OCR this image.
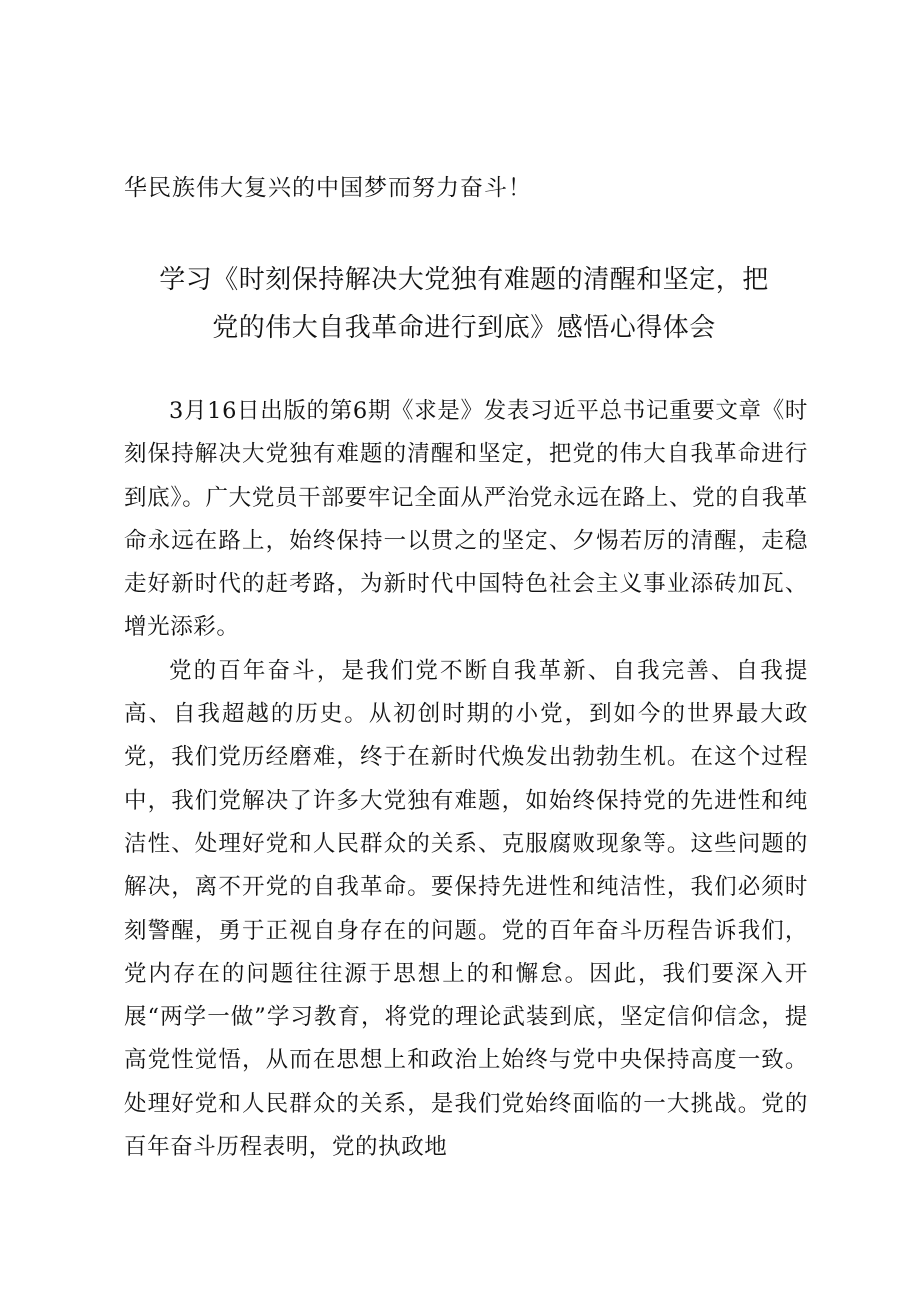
华民族伟大复兴的中国梦而努力奋斗！

学习《时刻保持解决大党独有难题的清醒和坚定，把
党的伟大自我革命进行到底》感悟心得体会

3月16日出版的第6期《求是》发表习近平总书记重要文章《时刻保持解决大党独有难题的清醒和坚定，把党的伟大自我革命进行到底》。广大党员干部要牢记全面从严治党永远在路上、党的自我革命永远在路上，始终保持一以贯之的坚定、夕惕若厉的清醒，走稳走好新时代的赶考路，为新时代中国特色社会主义事业添砖加瓦、增光添彩。

党的百年奋斗，是我们党不断自我革新、自我完善、自我提高、自我超越的历史。从初创时期的小党，到如今的世界最大政党，我们党历经磨难，终于在新时代焕发出勃勃生机。在这个过程中，我们党解决了许多大党独有难题，如始终保持党的先进性和纯洁性、处理好党和人民群众的关系、克服腐败现象等。这些问题的解决，离不开党的自我革命。要保持先进性和纯洁性，我们必须时刻警醒，勇于正视自身存在的问题。党的百年奋斗历程告诉我们，党内存在的问题往往源于思想上的和懈怠。因此，我们要深入开展“两学一做”学习教育，将党的理论武装到底，坚定信仰信念，提高党性觉悟，从而在思想上和政治上始终与党中央保持高度一致。处理好党和人民群众的关系，是我们党始终面临的一大挑战。党的百年奋斗历程表明，党的执政地
